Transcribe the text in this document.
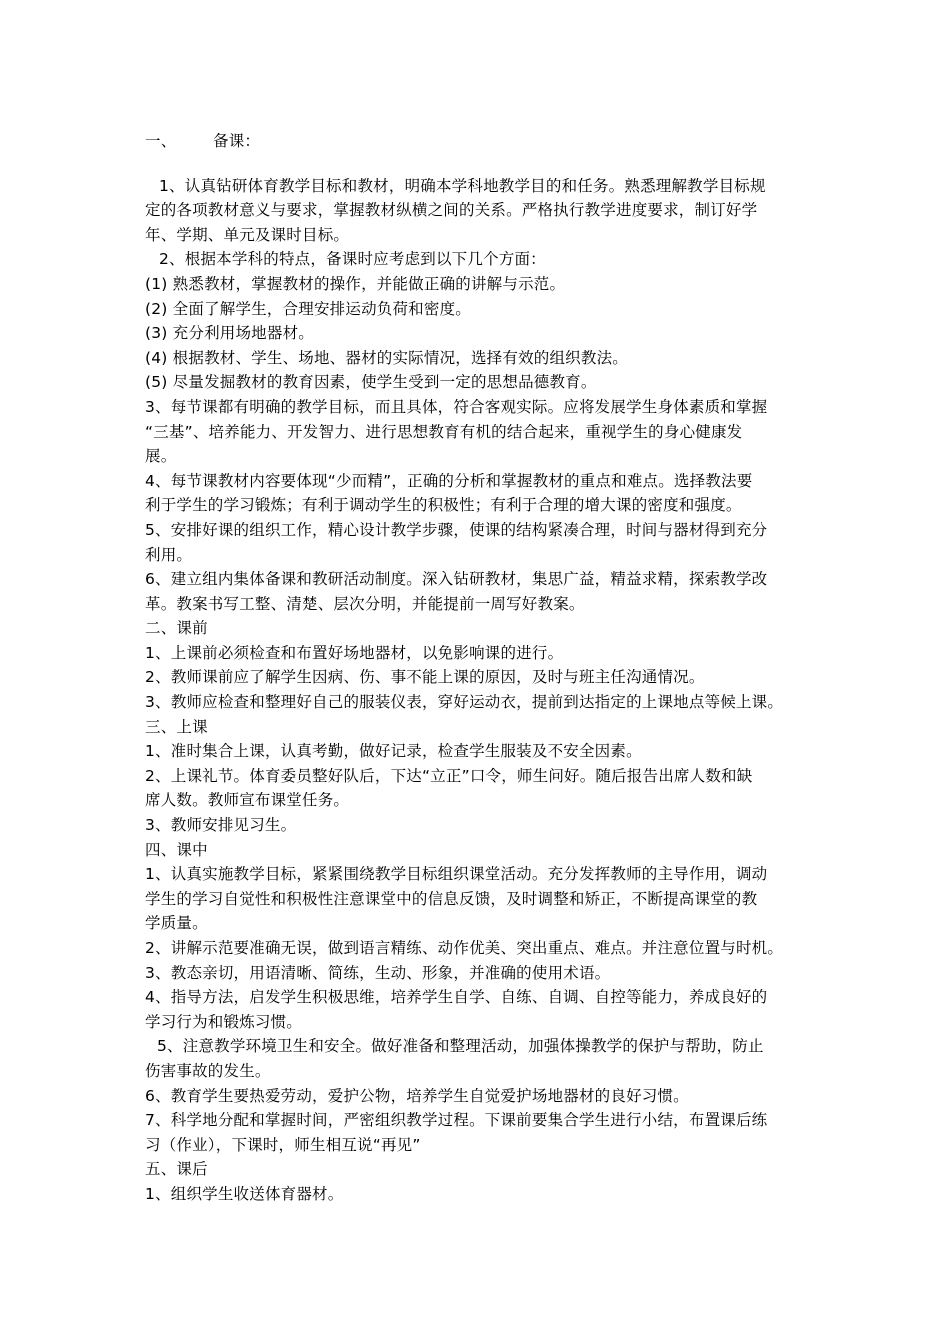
一、 备课：
1、认真钻研体育教学目标和教材，明确本学科地教学目的和任务。熟悉理解教学目标规
定的各项教材意义与要求，掌握教材纵横之间的关系。严格执行教学进度要求，制订好学
年、学期、单元及课时目标。
2、根据本学科的特点，备课时应考虑到以下几个方面：
(1) 熟悉教材，掌握教材的操作，并能做正确的讲解与示范。
(2) 全面了解学生，合理安排运动负荷和密度。
(3) 充分利用场地器材。
(4) 根据教材、学生、场地、器材的实际情况，选择有效的组织教法。
(5) 尽量发掘教材的教育因素，使学生受到一定的思想品德教育。
3、每节课都有明确的教学目标，而且具体，符合客观实际。应将发展学生身体素质和掌握
“三基”、培养能力、开发智力、进行思想教育有机的结合起来，重视学生的身心健康发
展。
4、每节课教材内容要体现“少而精”，正确的分析和掌握教材的重点和难点。选择教法要
利于学生的学习锻炼；有利于调动学生的积极性；有利于合理的增大课的密度和强度。
5、安排好课的组织工作，精心设计教学步骤，使课的结构紧凑合理，时间与器材得到充分
利用。
6、建立组内集体备课和教研活动制度。深入钻研教材，集思广益，精益求精，探索教学改
革。教案书写工整、清楚、层次分明，并能提前一周写好教案。
二、课前
1、上课前必须检查和布置好场地器材，以免影响课的进行。
2、教师课前应了解学生因病、伤、事不能上课的原因，及时与班主任沟通情况。
3、教师应检查和整理好自己的服装仪表，穿好运动衣，提前到达指定的上课地点等候上课。
三、上课
1、准时集合上课，认真考勤，做好记录，检查学生服装及不安全因素。
2、上课礼节。体育委员整好队后，下达“立正”口令，师生问好。随后报告出席人数和缺
席人数。教师宣布课堂任务。
3、教师安排见习生。
四、课中
1、认真实施教学目标，紧紧围绕教学目标组织课堂活动。充分发挥教师的主导作用，调动
学生的学习自觉性和积极性注意课堂中的信息反馈，及时调整和矫正，不断提高课堂的教
学质量。
2、讲解示范要准确无误，做到语言精练、动作优美、突出重点、难点。并注意位置与时机。
3、教态亲切，用语清晰、简练，生动、形象，并准确的使用术语。
4、指导方法，启发学生积极思维，培养学生自学、自练、自调、自控等能力，养成良好的
学习行为和锻炼习惯。
5、注意教学环境卫生和安全。做好准备和整理活动，加强体操教学的保护与帮助，防止
伤害事故的发生。
6、教育学生要热爱劳动，爱护公物，培养学生自觉爱护场地器材的良好习惯。
7、科学地分配和掌握时间，严密组织教学过程。下课前要集合学生进行小结，布置课后练
习（作业），下课时，师生相互说“再见”
五、课后
1、组织学生收送体育器材。
